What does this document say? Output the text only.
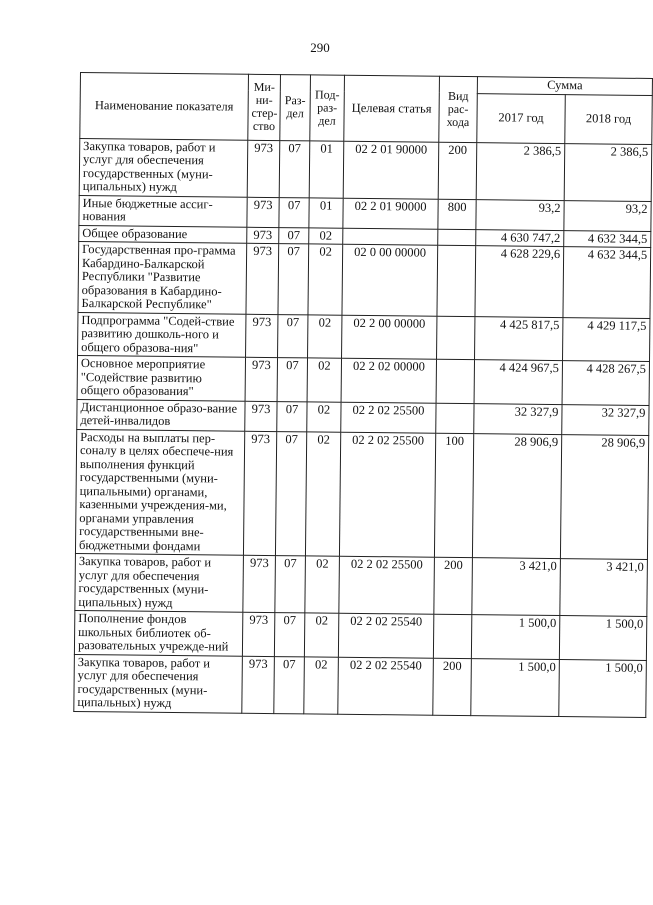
290
Наименование показателя	Ми-ни-стер-ство	Раз-дел	Под-раз-дел	Целевая статья	Вид рас-хода	Сумма	
						2017 год	2018 год
Закупка товаров, работ и услуг для обеспечения государственных (муни-ципальных) нужд	973	07	01	02 2 01 90000	200	2 386,5	2 386,5
Иные бюджетные ассиг-нования	973	07	01	02 2 01 90000	800	93,2	93,2
Общее образование	973	07	02			4 630 747,2	4 632 344,5
Государственная про-грамма Кабардино-Балкарской Республики "Развитие образования в Кабардино-Балкарской Республике"	973	07	02	02 0 00 00000		4 628 229,6	4 632 344,5
Подпрограмма "Содей-ствие развитию дошколь-ного и общего образова-ния"	973	07	02	02 2 00 00000		4 425 817,5	4 429 117,5
Основное мероприятие "Содействие развитию общего образования"	973	07	02	02 2 02 00000		4 424 967,5	4 428 267,5
Дистанционное образо-вание детей-инвалидов	973	07	02	02 2 02 25500		32 327,9	32 327,9
Расходы на выплаты пер-соналу в целях обеспече-ния выполнения функций государственными (муни-ципальными) органами, казенными учреждения-ми, органами управления государственными вне-бюджетными фондами	973	07	02	02 2 02 25500	100	28 906,9	28 906,9
Закупка товаров, работ и услуг для обеспечения государственных (муни-ципальных) нужд	973	07	02	02 2 02 25500	200	3 421,0	3 421,0
Пополнение фондов школьных библиотек об-разовательных учрежде-ний	973	07	02	02 2 02 25540		1 500,0	1 500,0
Закупка товаров, работ и услуг для обеспечения государственных (муни-ципальных) нужд	973	07	02	02 2 02 25540	200	1 500,0	1 500,0
